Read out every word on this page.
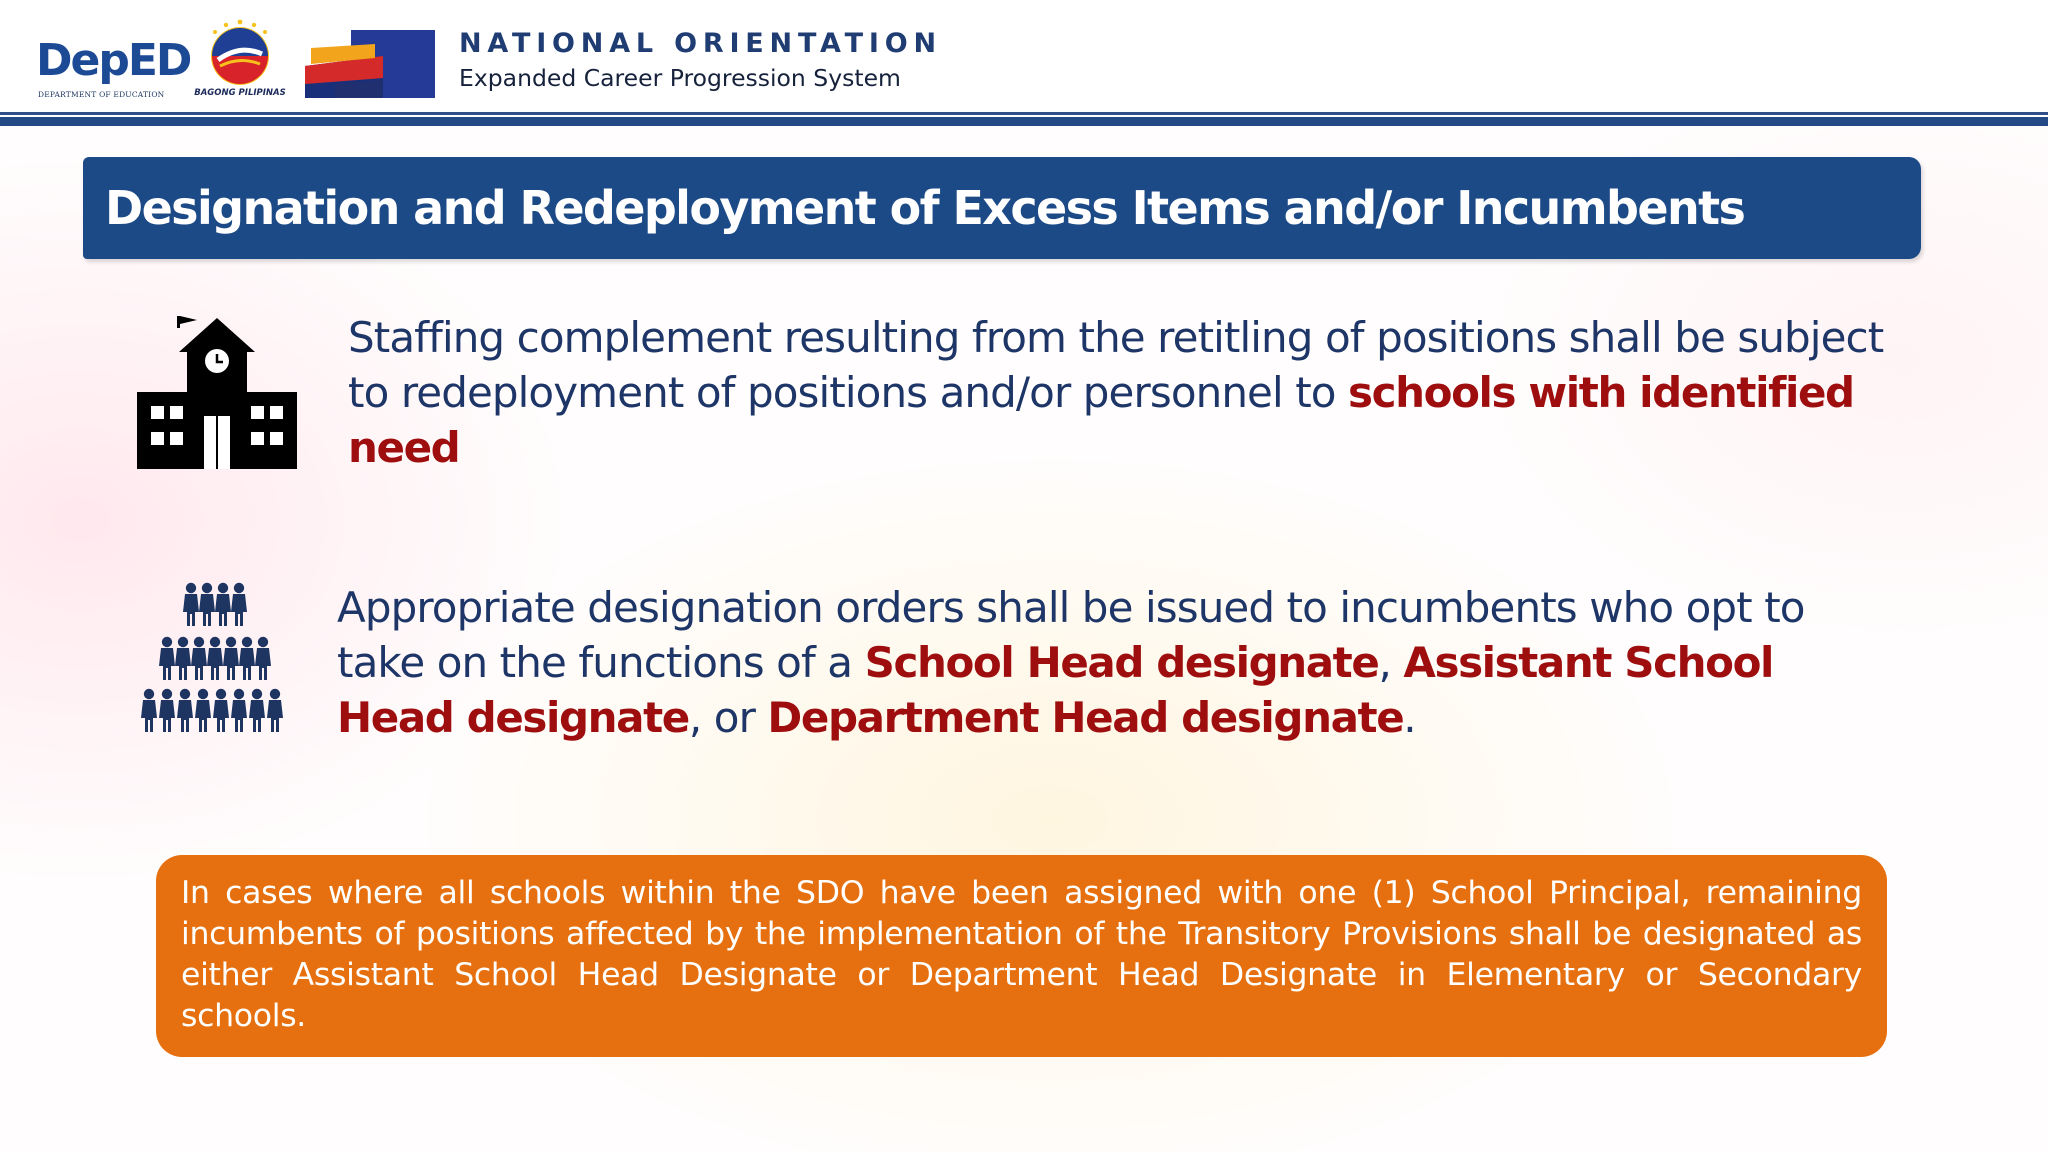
DepED
DEPARTMENT OF EDUCATION	BAGONG PILIPINAS
NATIONAL ORIENTATION
Expanded Career Progression System
Designation and Redeployment of Excess Items and/or Incumbents

Staffing complement resulting from the retitling of positions shall be subject to redeployment of positions and/or personnel to schools with identified need

Appropriate designation orders shall be issued to incumbents who opt to take on the functions of a School Head designate, Assistant School Head designate, or Department Head designate.

In cases where all schools within the SDO have been assigned with one (1) School Principal, remaining incumbents of positions affected by the implementation of the Transitory Provisions shall be designated as either Assistant School Head Designate or Department Head Designate in Elementary or Secondary schools.
